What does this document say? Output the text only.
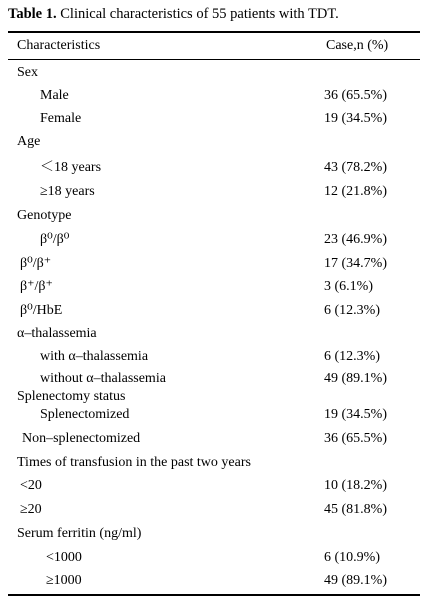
Table 1. Clinical characteristics of 55 patients with TDT.
Characteristics	Case,n (%)
Sex
Male	36 (65.5%)
Female	19 (34.5%)
Age
＜18 years	43 (78.2%)
≥18 years	12 (21.8%)
Genotype
β⁰/β⁰	23 (46.9%)
β⁰/β⁺	17 (34.7%)
β⁺/β⁺	3 (6.1%)
β⁰/HbE	6 (12.3%)
α–thalassemia
with α–thalassemia	6 (12.3%)
without α–thalassemia	49 (89.1%)
Splenectomy status
Splenectomized	19 (34.5%)
Non–splenectomized	36 (65.5%)
Times of transfusion in the past two years
<20	10 (18.2%)
≥20	45 (81.8%)
Serum ferritin (ng/ml)
<1000	6 (10.9%)
≥1000	49 (89.1%)
